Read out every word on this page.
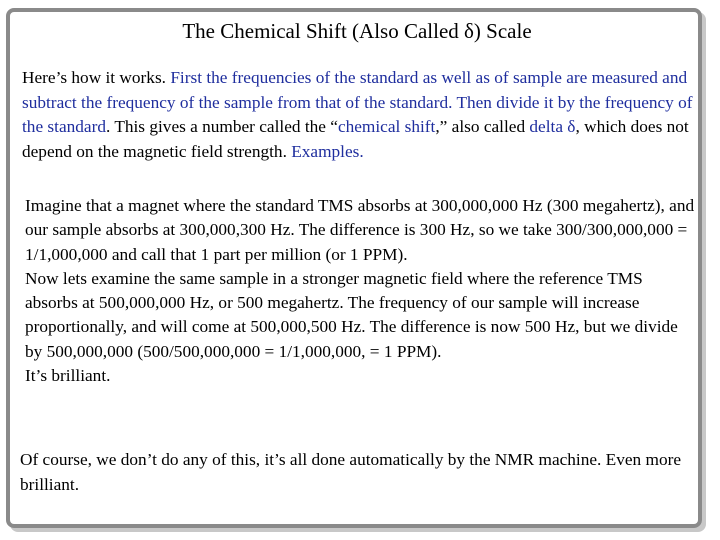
The Chemical Shift (Also Called δ) Scale
Here’s how it works. First the frequencies of the standard as well as of sample are measured and subtract the frequency of the sample from that of the standard. Then divide it by the frequency of the standard. This gives a number called the “chemical shift,” also called delta δ, which does not depend on the magnetic field strength. Examples.

Imagine that a magnet where the standard TMS absorbs at 300,000,000 Hz (300 megahertz), and our sample absorbs at 300,000,300 Hz. The difference is 300 Hz, so we take 300/300,000,000 = 1/1,000,000 and call that 1 part per million (or 1 PPM).

Now lets examine the same sample in a stronger magnetic field where the reference TMS absorbs at 500,000,000 Hz, or 500 megahertz. The frequency of our sample will increase proportionally, and will come at 500,000,500 Hz. The difference is now 500 Hz, but we divide by 500,000,000 (500/500,000,000 = 1/1,000,000, = 1 PPM).

It’s brilliant.

Of course, we don’t do any of this, it’s all done automatically by the NMR machine. Even more brilliant.
